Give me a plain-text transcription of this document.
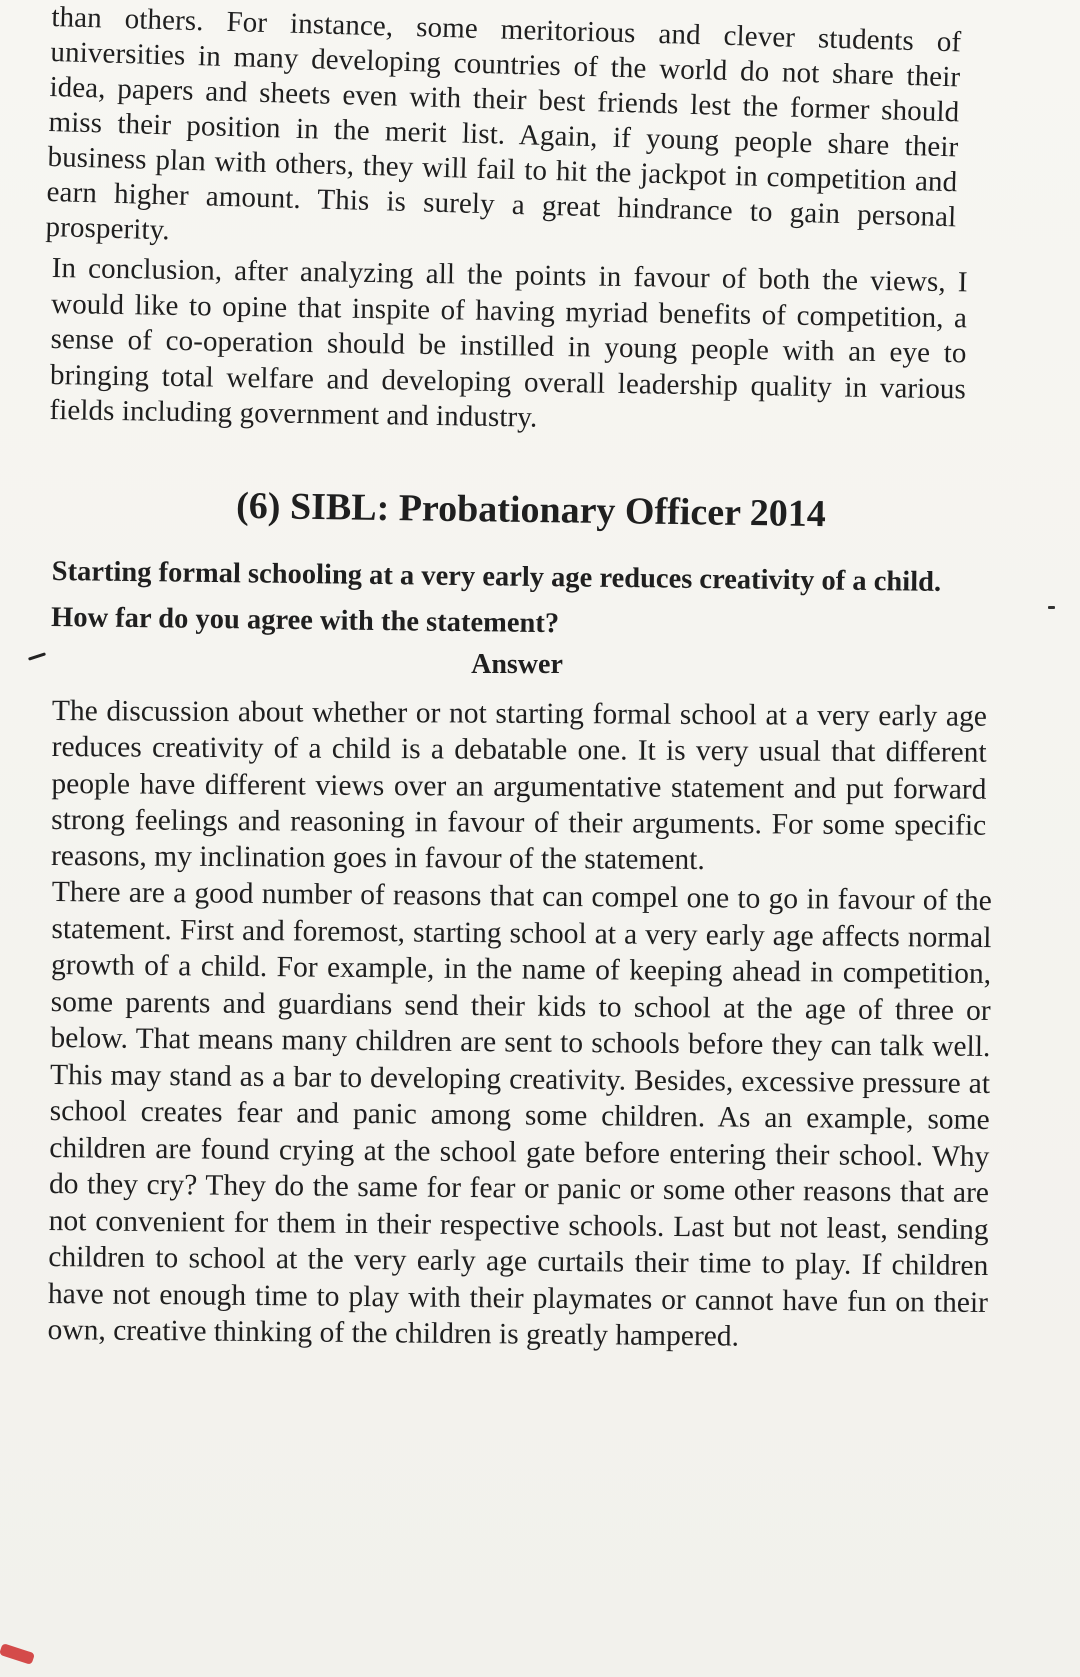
than others. For instance, some meritorious and clever students of universities in many developing countries of the world do not share their idea, papers and sheets even with their best friends lest the former should miss their position in the merit list. Again, if young people share their business plan with others, they will fail to hit the jackpot in competition and earn higher amount. This is surely a great hindrance to gain personal prosperity.

In conclusion, after analyzing all the points in favour of both the views, I would like to opine that inspite of having myriad benefits of competition, a sense of co-operation should be instilled in young people with an eye to bringing total welfare and developing overall leadership quality in various fields including government and industry.

(6) SIBL: Probationary Officer 2014

Starting formal schooling at a very early age reduces creativity of a child. How far do you agree with the statement?

Answer

The discussion about whether or not starting formal school at a very early age reduces creativity of a child is a debatable one. It is very usual that different people have different views over an argumentative statement and put forward strong feelings and reasoning in favour of their arguments. For some specific reasons, my inclination goes in favour of the statement.

There are a good number of reasons that can compel one to go in favour of the statement. First and foremost, starting school at a very early age affects normal growth of a child. For example, in the name of keeping ahead in competition, some parents and guardians send their kids to school at the age of three or below. That means many children are sent to schools before they can talk well. This may stand as a bar to developing creativity. Besides, excessive pressure at school creates fear and panic among some children. As an example, some children are found crying at the school gate before entering their school. Why do they cry? They do the same for fear or panic or some other reasons that are not convenient for them in their respective schools. Last but not least, sending children to school at the very early age curtails their time to play. If children have not enough time to play with their playmates or cannot have fun on their own, creative thinking of the children is greatly hampered.
